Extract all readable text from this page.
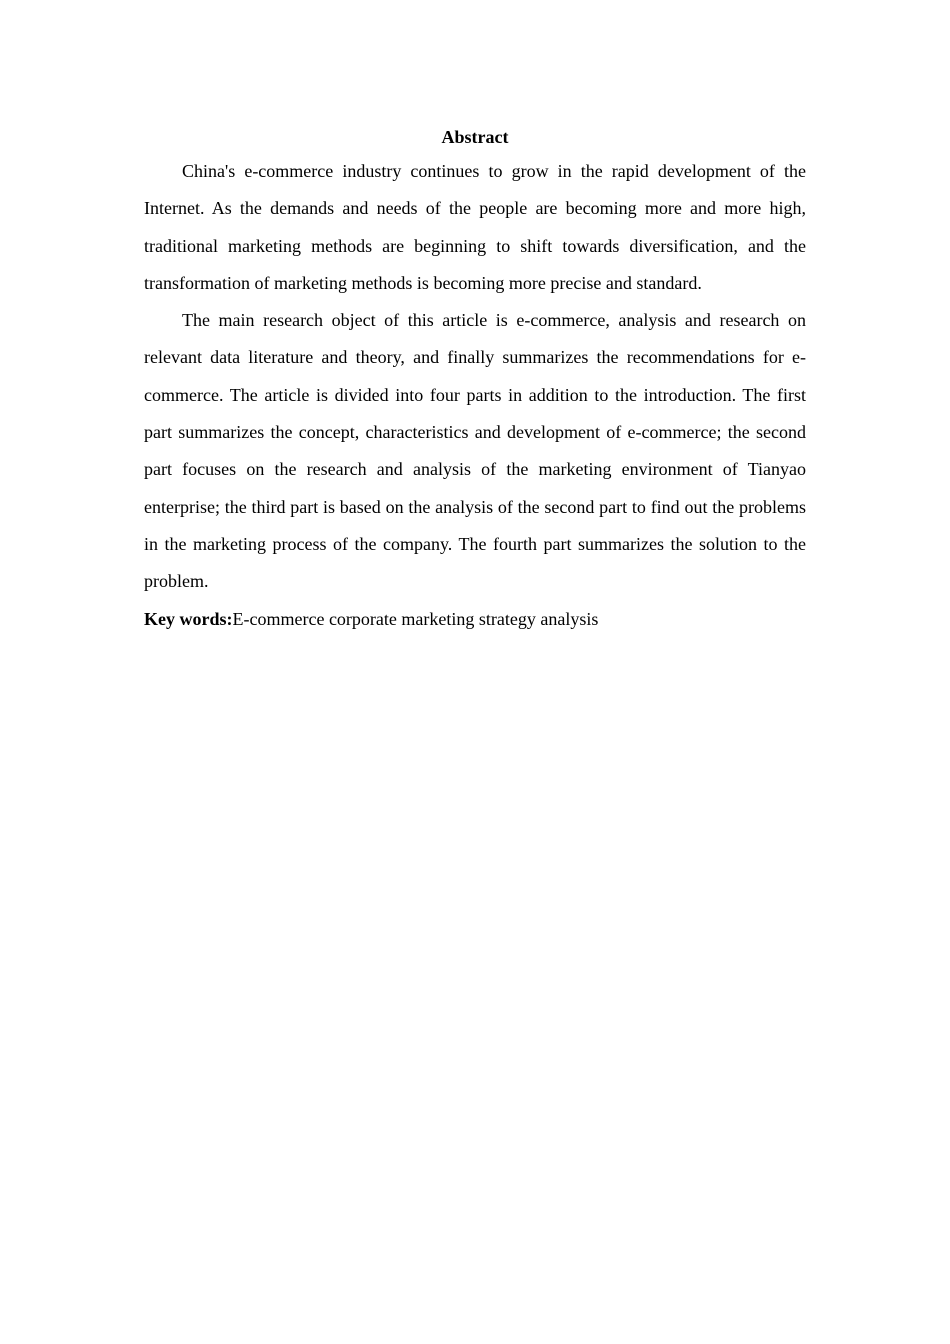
Abstract

China's e-commerce industry continues to grow in the rapid development of the Internet. As the demands and needs of the people are becoming more and more high, traditional marketing methods are beginning to shift towards diversification, and the transformation of marketing methods is becoming more precise and standard.

The main research object of this article is e-commerce, analysis and research on relevant data literature and theory, and finally summarizes the recommendations for e-commerce. The article is divided into four parts in addition to the introduction. The first part summarizes the concept, characteristics and development of e-commerce; the second part focuses on the research and analysis of the marketing environment of Tianyao enterprise; the third part is based on the analysis of the second part to find out the problems in the marketing process of the company. The fourth part summarizes the solution to the problem.

Key words:E-commerce corporate marketing strategy analysis
